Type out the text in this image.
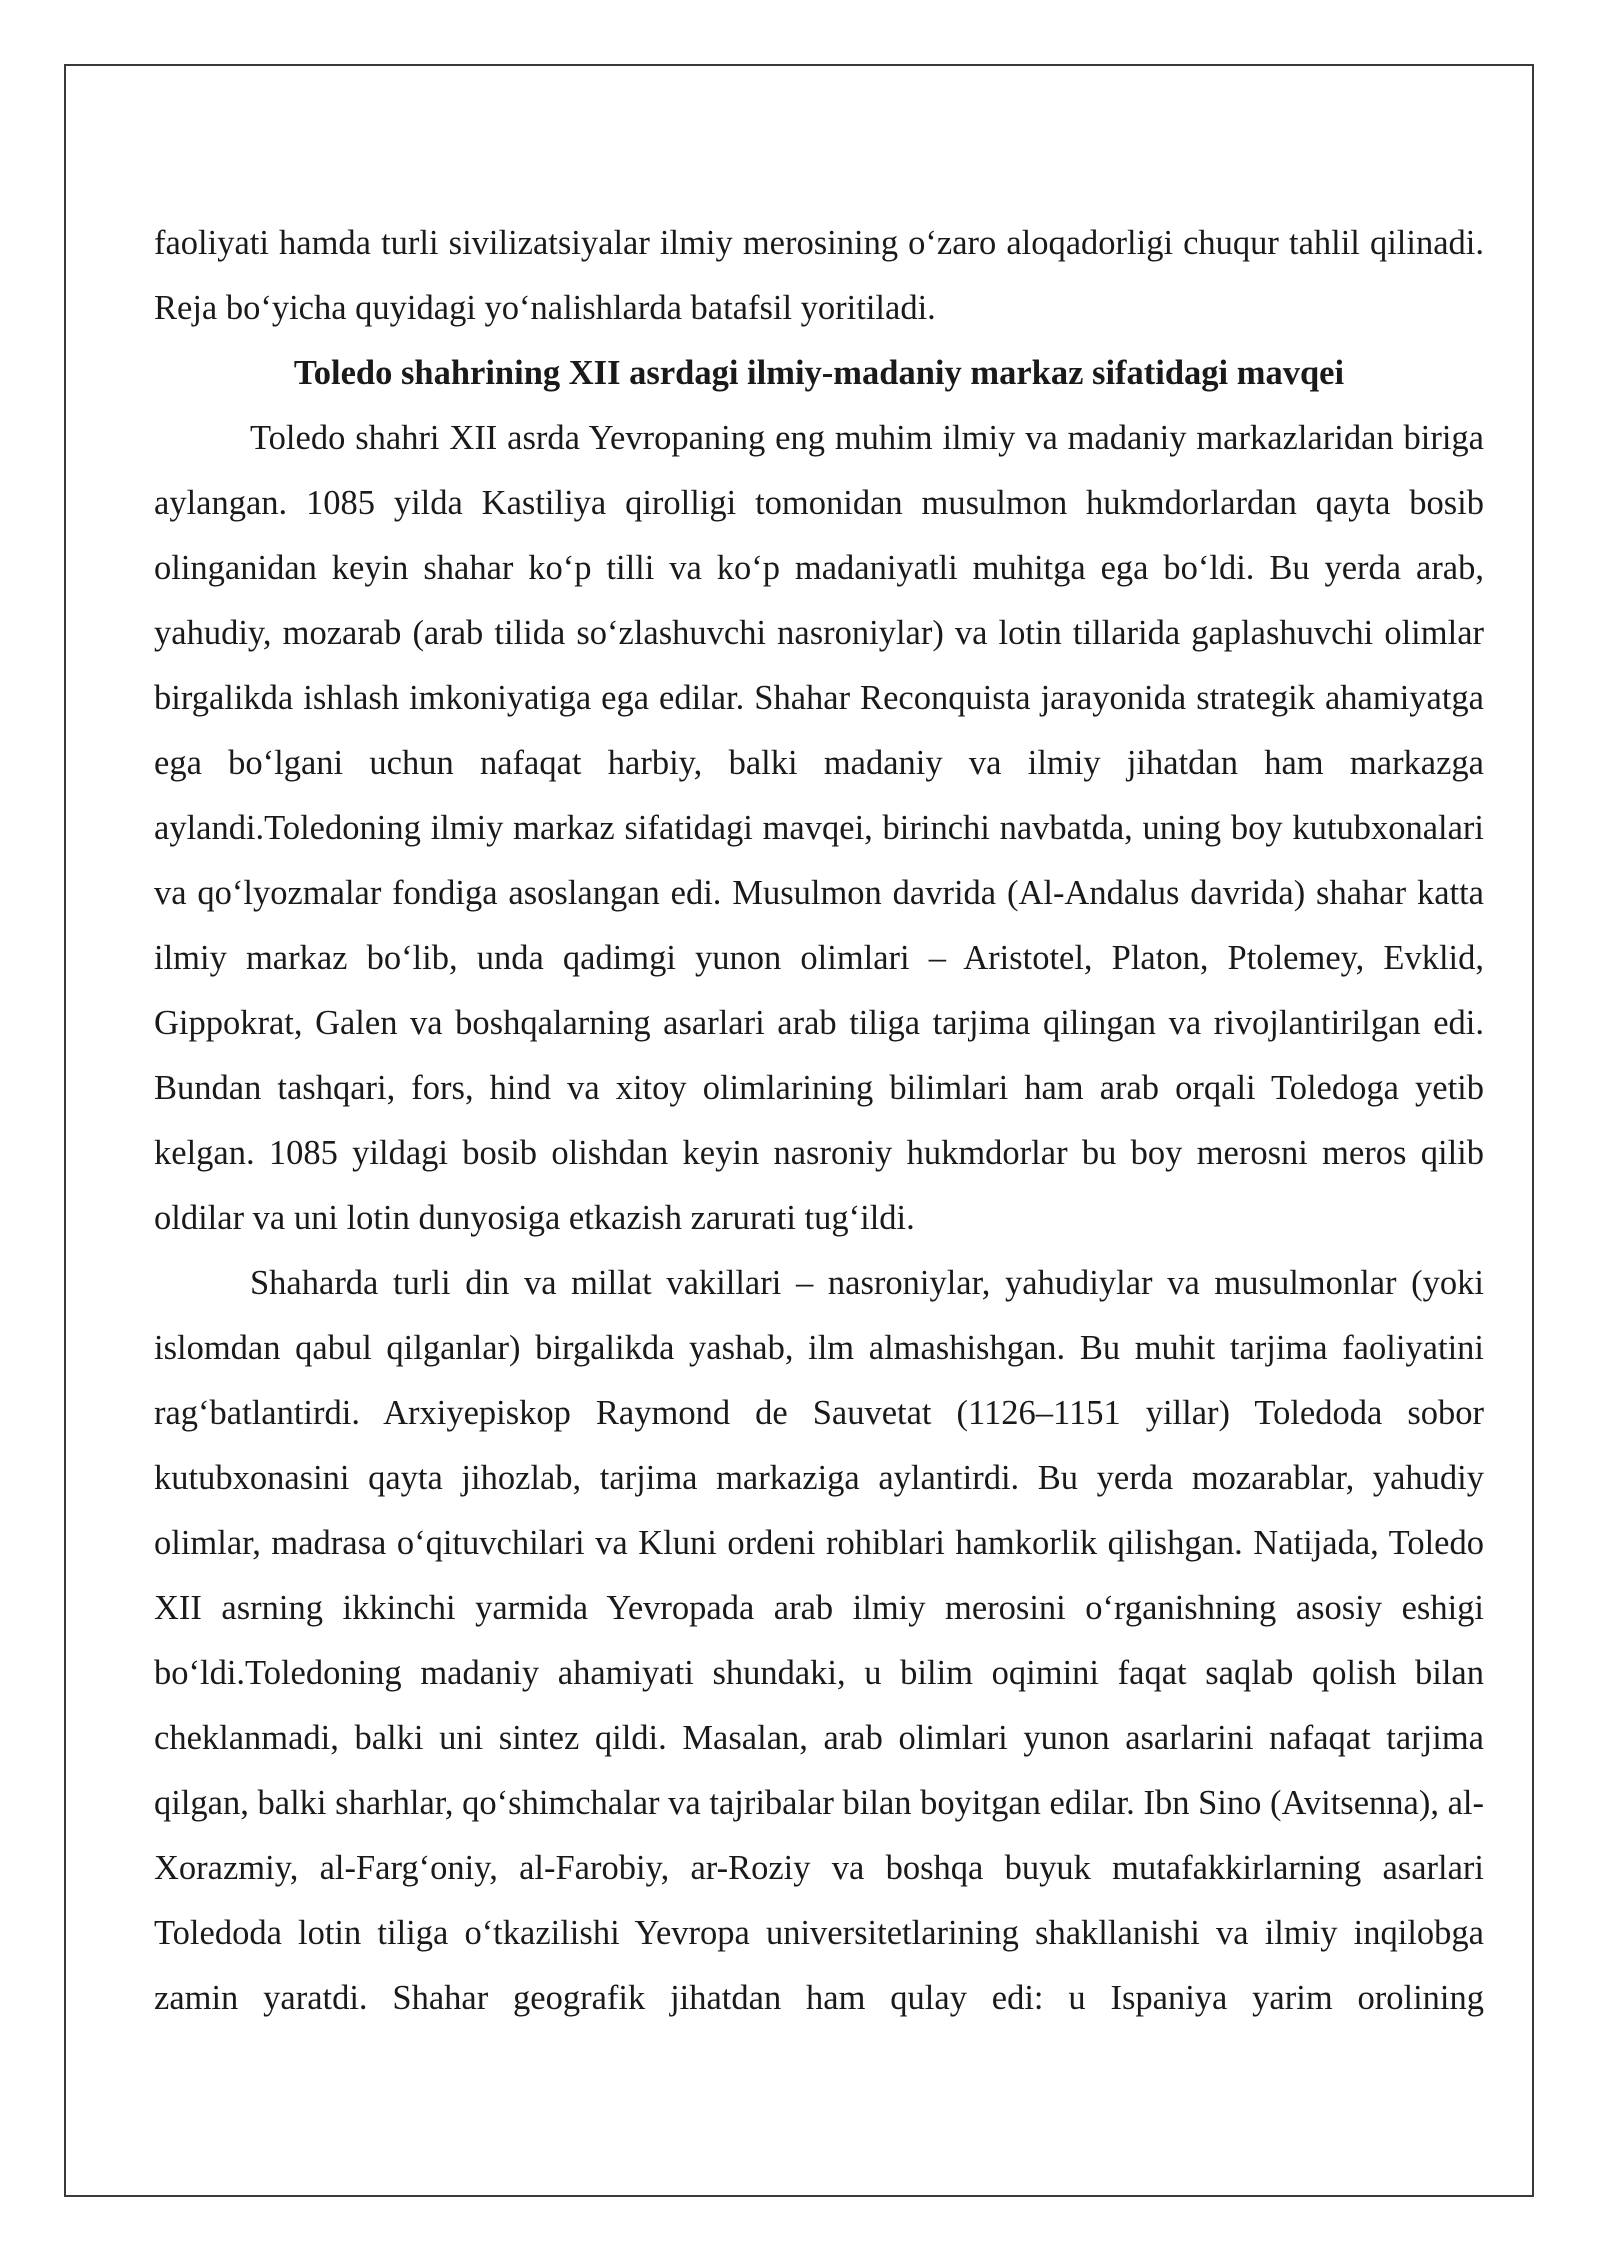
faoliyati hamda turli sivilizatsiyalar ilmiy merosining o‘zaro aloqadorligi chuqur tahlil qilinadi. Reja bo‘yicha quyidagi yo‘nalishlarda batafsil yoritiladi.

Toledo shahrining XII asrdagi ilmiy-madaniy markaz sifatidagi mavqei

Toledo shahri XII asrda Yevropaning eng muhim ilmiy va madaniy markazlaridan biriga aylangan. 1085 yilda Kastiliya qirolligi tomonidan musulmon hukmdorlardan qayta bosib olinganidan keyin shahar ko‘p tilli va ko‘p madaniyatli muhitga ega bo‘ldi. Bu yerda arab, yahudiy, mozarab (arab tilida so‘zlashuvchi nasroniylar) va lotin tillarida gaplashuvchi olimlar birgalikda ishlash imkoniyatiga ega edilar. Shahar Reconquista jarayonida strategik ahamiyatga ega bo‘lgani uchun nafaqat harbiy, balki madaniy va ilmiy jihatdan ham markazga aylandi.Toledoning ilmiy markaz sifatidagi mavqei, birinchi navbatda, uning boy kutubxonalari va qo‘lyozmalar fondiga asoslangan edi. Musulmon davrida (Al-Andalus davrida) shahar katta ilmiy markaz bo‘lib, unda qadimgi yunon olimlari – Aristotel, Platon, Ptolemey, Evklid, Gippokrat, Galen va boshqalarning asarlari arab tiliga tarjima qilingan va rivojlantirilgan edi. Bundan tashqari, fors, hind va xitoy olimlarining bilimlari ham arab orqali Toledoga yetib kelgan. 1085 yildagi bosib olishdan keyin nasroniy hukmdorlar bu boy merosni meros qilib oldilar va uni lotin dunyosiga etkazish zarurati tug‘ildi.

Shaharda turli din va millat vakillari – nasroniylar, yahudiylar va musulmonlar (yoki islomdan qabul qilganlar) birgalikda yashab, ilm almashishgan. Bu muhit tarjima faoliyatini rag‘batlantirdi. Arxiyepiskop Raymond de Sauvetat (1126–1151 yillar) Toledoda sobor kutubxonasini qayta jihozlab, tarjima markaziga aylantirdi. Bu yerda mozarablar, yahudiy olimlar, madrasa o‘qituvchilari va Kluni ordeni rohiblari hamkorlik qilishgan. Natijada, Toledo XII asrning ikkinchi yarmida Yevropada arab ilmiy merosini o‘rganishning asosiy eshigi bo‘ldi.Toledoning madaniy ahamiyati shundaki, u bilim oqimini faqat saqlab qolish bilan cheklanmadi, balki uni sintez qildi. Masalan, arab olimlari yunon asarlarini nafaqat tarjima qilgan, balki sharhlar, qo‘shimchalar va tajribalar bilan boyitgan edilar. Ibn Sino (Avitsenna), al-Xorazmiy, al-Farg‘oniy, al-Farobiy, ar-Roziy va boshqa buyuk mutafakkirlarning asarlari Toledoda lotin tiliga o‘tkazilishi Yevropa universitetlarining shakllanishi va ilmiy inqilobga zamin yaratdi. Shahar geografik jihatdan ham qulay edi: u Ispaniya yarim orolining
